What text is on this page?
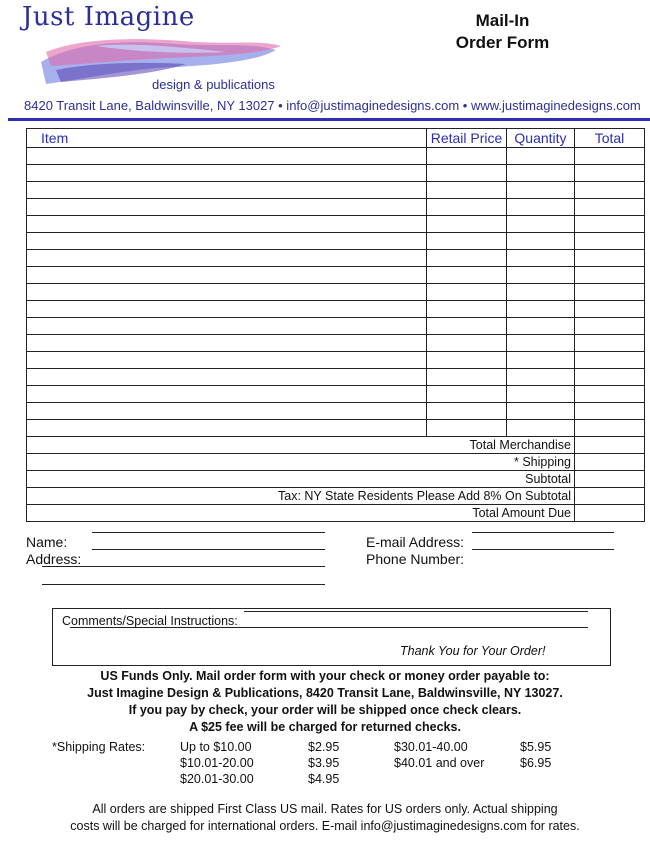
Just Imagine
design & publications
Mail-In
Order Form
8420 Transit Lane, Baldwinsville, NY 13027 • info@justimaginedesigns.com • www.justimaginedesigns.com
Item	Retail Price	Quantity	Total

Total Merchandise			
* Shipping			
Subtotal			
Tax: NY State Residents Please Add 8% On Subtotal			
Total Amount Due			
Name:
Address:
E-mail Address:
Phone Number:
Comments/Special Instructions:
Thank You for Your Order!
US Funds Only. Mail order form with your check or money order payable to:
Just Imagine Design & Publications, 8420 Transit Lane, Baldwinsville, NY 13027.
If you pay by check, your order will be shipped once check clears.
A $25 fee will be charged for returned checks.
*Shipping Rates:	Up to $10.00	$2.95
$10.01-20.00	$3.95
$20.01-30.00	$4.95
$30.01-40.00	$5.95
$40.01 and over	$6.95
All orders are shipped First Class US mail. Rates for US orders only. Actual shipping
costs will be charged for international orders. E-mail info@justimaginedesigns.com for rates.
